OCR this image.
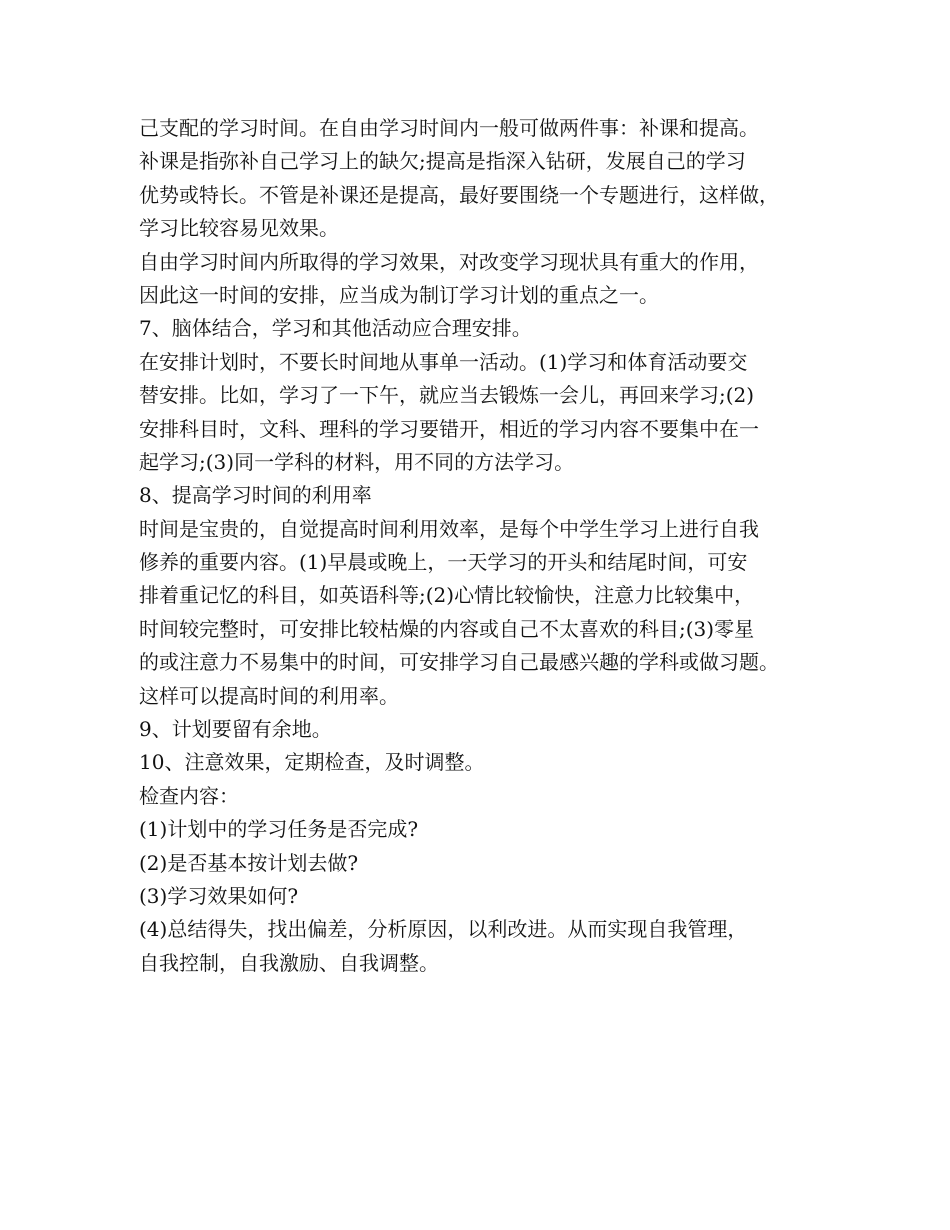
己支配的学习时间。在自由学习时间内一般可做两件事：补课和提高。
补课是指弥补自己学习上的缺欠;提高是指深入钻研，发展自己的学习
优势或特长。不管是补课还是提高，最好要围绕一个专题进行，这样做，
学习比较容易见效果。
自由学习时间内所取得的学习效果，对改变学习现状具有重大的作用，
因此这一时间的安排，应当成为制订学习计划的重点之一。
7、脑体结合，学习和其他活动应合理安排。
在安排计划时，不要长时间地从事单一活动。(1)学习和体育活动要交
替安排。比如，学习了一下午，就应当去锻炼一会儿，再回来学习;(2)
安排科目时，文科、理科的学习要错开，相近的学习内容不要集中在一
起学习;(3)同一学科的材料，用不同的方法学习。
8、提高学习时间的利用率
时间是宝贵的，自觉提高时间利用效率，是每个中学生学习上进行自我
修养的重要内容。(1)早晨或晚上，一天学习的开头和结尾时间，可安
排着重记忆的科目，如英语科等;(2)心情比较愉快，注意力比较集中，
时间较完整时，可安排比较枯燥的内容或自己不太喜欢的科目;(3)零星
的或注意力不易集中的时间，可安排学习自己最感兴趣的学科或做习题。
这样可以提高时间的利用率。
9、计划要留有余地。
10、注意效果，定期检查，及时调整。
检查内容：
(1)计划中的学习任务是否完成?
(2)是否基本按计划去做?
(3)学习效果如何?
(4)总结得失，找出偏差，分析原因，以利改进。从而实现自我管理，
自我控制，自我激励、自我调整。
